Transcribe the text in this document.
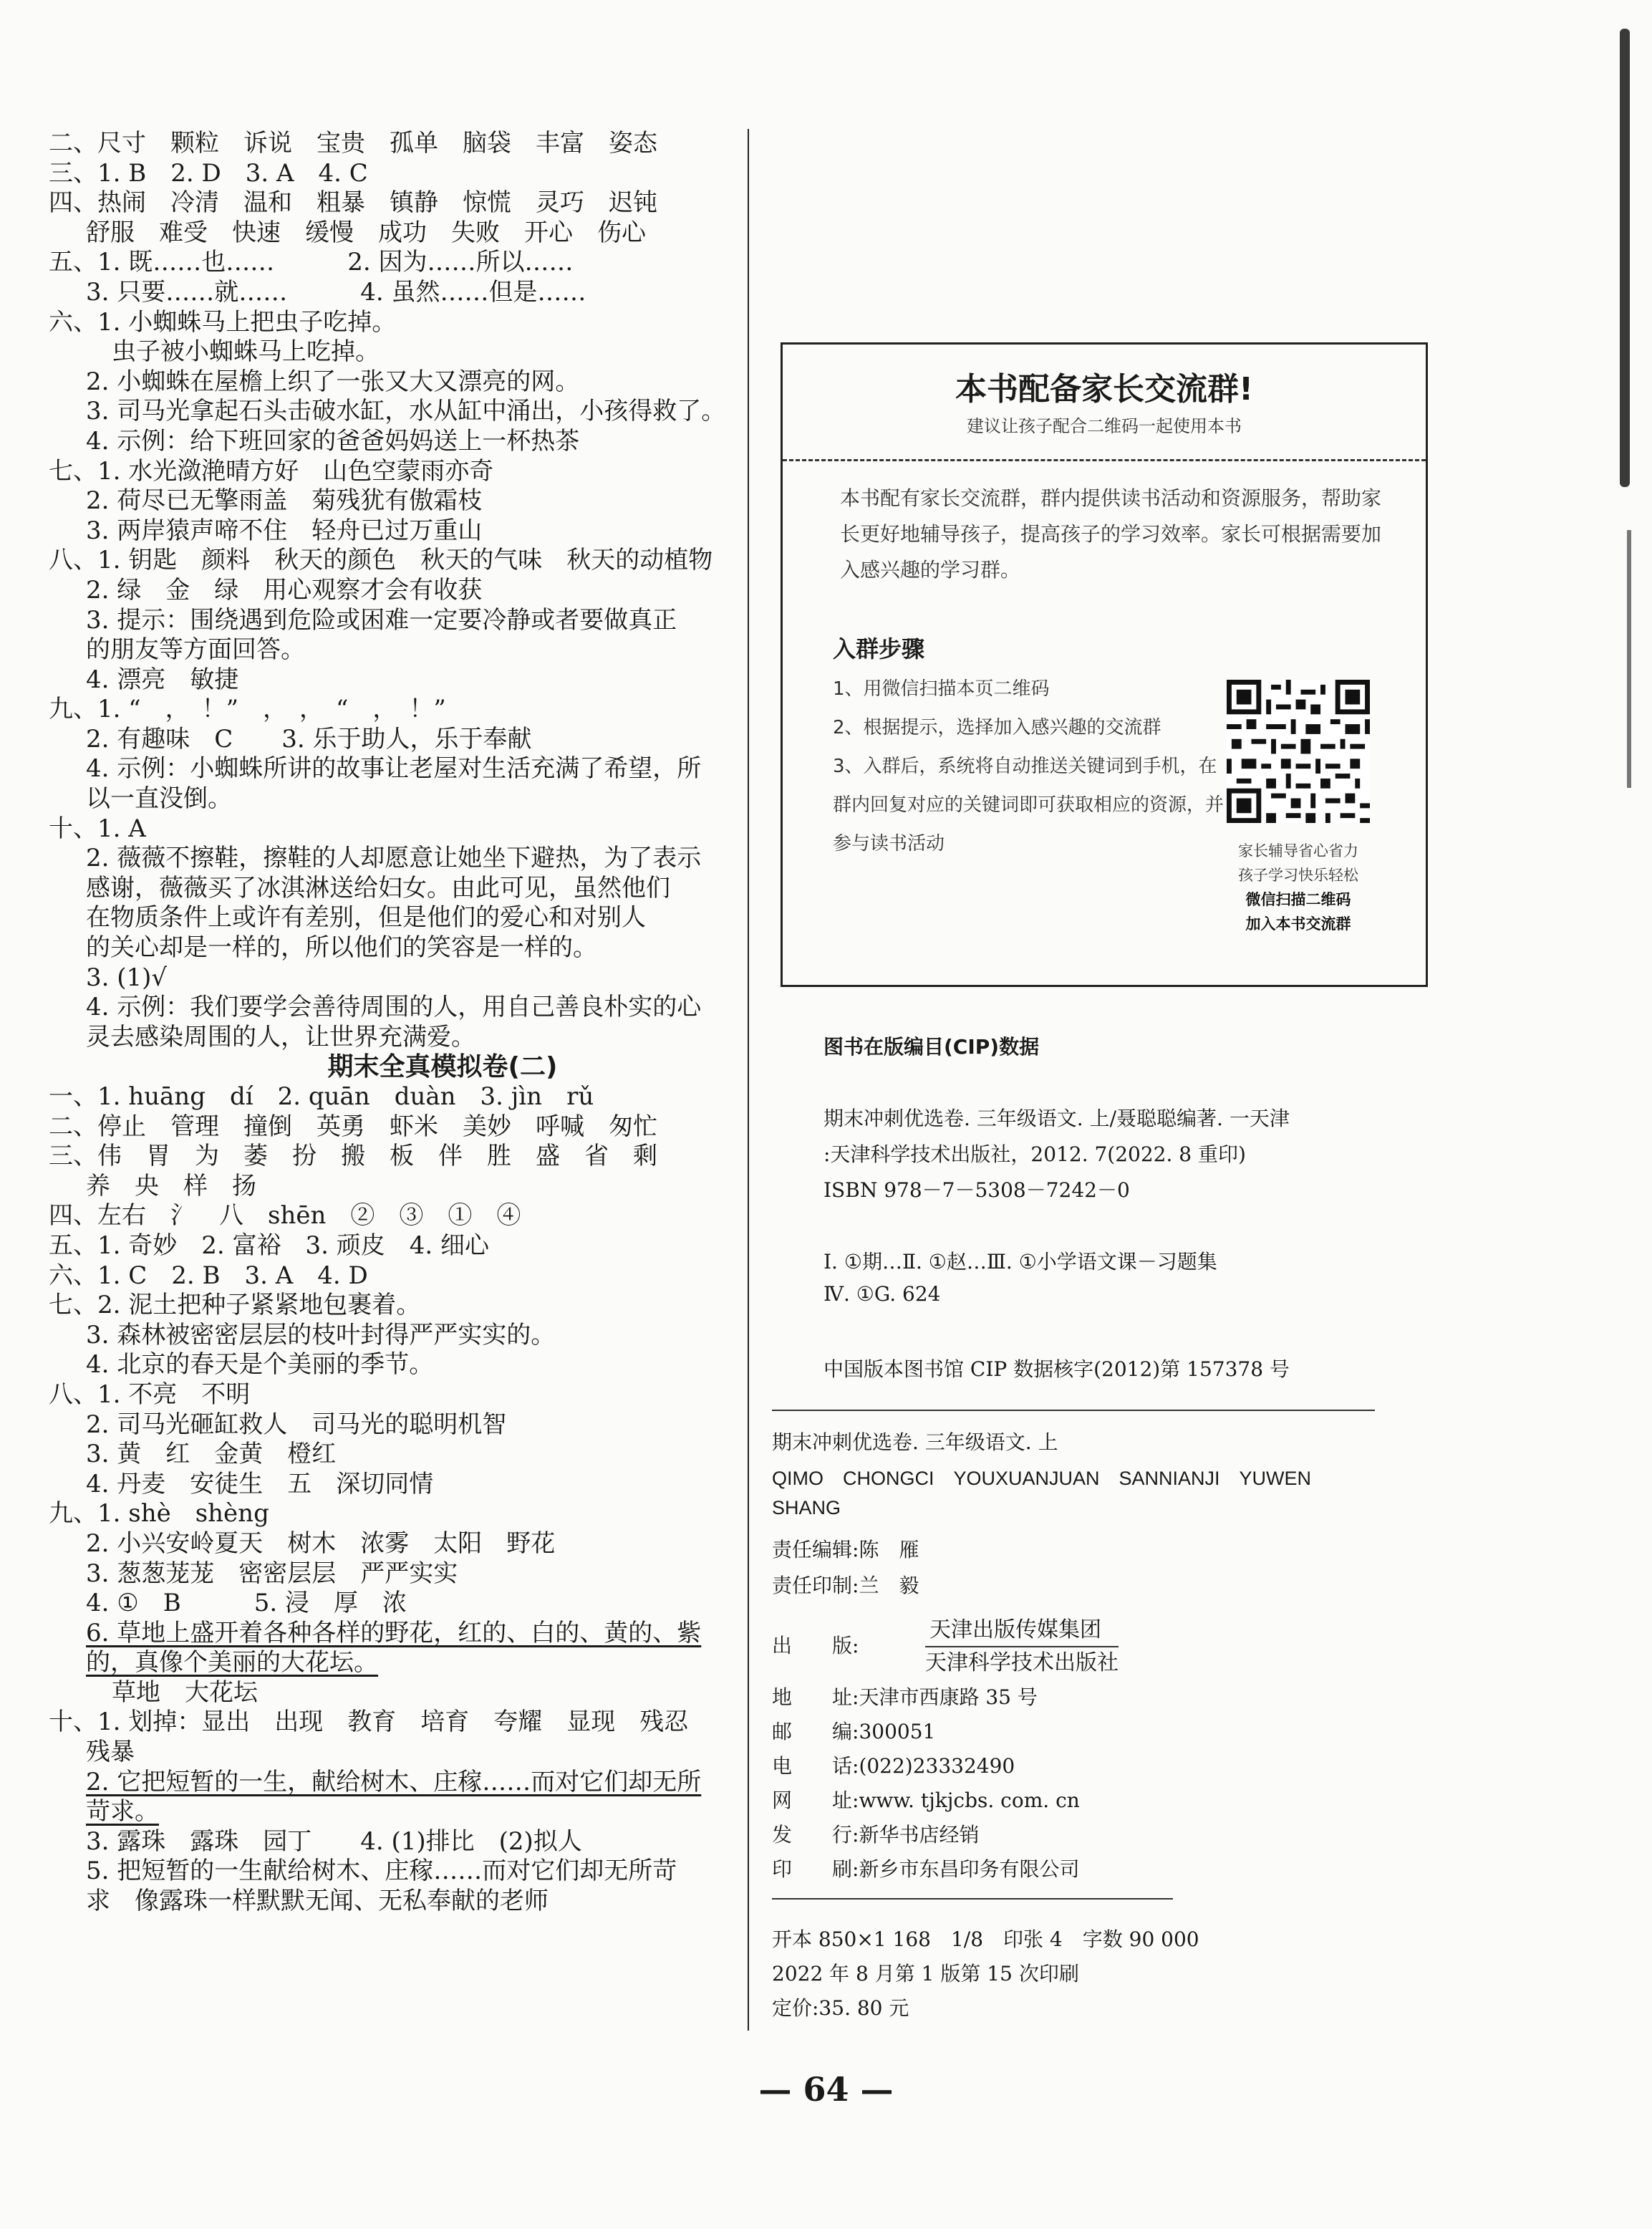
二、尺寸　颗粒　诉说　宝贵　孤单　脑袋　丰富　姿态
三、1. B　2. D　3. A　4. C
四、热闹　冷清　温和　粗暴　镇静　惊慌　灵巧　迟钝
舒服　难受　快速　缓慢　成功　失败　开心　伤心
五、1. 既……也……　　　2. 因为……所以……
3. 只要……就……　　　4. 虽然……但是……
六、1. 小蜘蛛马上把虫子吃掉。
虫子被小蜘蛛马上吃掉。
2. 小蜘蛛在屋檐上织了一张又大又漂亮的网。
3. 司马光拿起石头击破水缸，水从缸中涌出，小孩得救了。
4. 示例：给下班回家的爸爸妈妈送上一杯热茶
七、1. 水光潋滟晴方好　山色空蒙雨亦奇
2. 荷尽已无擎雨盖　菊残犹有傲霜枝
3. 两岸猿声啼不住　轻舟已过万重山
八、1. 钥匙　颜料　秋天的颜色　秋天的气味　秋天的动植物
2. 绿　金　绿　用心观察才会有收获
3. 提示：围绕遇到危险或困难一定要冷静或者要做真正
的朋友等方面回答。
4. 漂亮　敏捷
九、1. “　，　！”　，　，　“　，　！”
2. 有趣味　C　　3. 乐于助人，乐于奉献
4. 示例：小蜘蛛所讲的故事让老屋对生活充满了希望，所
以一直没倒。
十、1. A
2. 薇薇不擦鞋，擦鞋的人却愿意让她坐下避热，为了表示
感谢，薇薇买了冰淇淋送给妇女。由此可见，虽然他们
在物质条件上或许有差别，但是他们的爱心和对别人
的关心却是一样的，所以他们的笑容是一样的。
3. (1)√
4. 示例：我们要学会善待周围的人，用自己善良朴实的心
灵去感染周围的人，让世界充满爱。
期末全真模拟卷(二)
一、1. huāng　dí　2. quān　duàn　3. jìn　rǔ
二、停止　管理　撞倒　英勇　虾米　美妙　呼喊　匆忙
三、伟　胃　为　萎　扮　搬　板　伴　胜　盛　省　剩
养　央　样　扬
四、左右　氵　八　shēn　②　③　①　④
五、1. 奇妙　2. 富裕　3. 顽皮　4. 细心
六、1. C　2. B　3. A　4. D
七、2. 泥土把种子紧紧地包裹着。
3. 森林被密密层层的枝叶封得严严实实的。
4. 北京的春天是个美丽的季节。
八、1. 不亮　不明
2. 司马光砸缸救人　司马光的聪明机智
3. 黄　红　金黄　橙红
4. 丹麦　安徒生　五　深切同情
九、1. shè　shèng
2. 小兴安岭夏天　树木　浓雾　太阳　野花
3. 葱葱茏茏　密密层层　严严实实
4. ①　B　　　5. 浸　厚　浓
6. 草地上盛开着各种各样的野花，红的、白的、黄的、紫
的，真像个美丽的大花坛。
草地　大花坛
十、1. 划掉：显出　出现　教育　培育　夸耀　显现　残忍
残暴
2. 它把短暂的一生，献给树木、庄稼……而对它们却无所
苛求。
3. 露珠　露珠　园丁　　4. (1)排比　(2)拟人
5. 把短暂的一生献给树木、庄稼……而对它们却无所苛
求　像露珠一样默默无闻、无私奉献的老师
本书配备家长交流群!
建议让孩子配合二维码一起使用本书
本书配有家长交流群，群内提供读书活动和资源服务，帮助家长更好地辅导孩子，提高孩子的学习效率。家长可根据需要加入感兴趣的学习群。
入群步骤
1、用微信扫描本页二维码
2、根据提示，选择加入感兴趣的交流群
3、入群后，系统将自动推送关键词到手机，在群内回复对应的关键词即可获取相应的资源，并参与读书活动	家长辅导省心省力
孩子学习快乐轻松
微信扫描二维码
加入本书交流群
图书在版编目(CIP)数据
期末冲刺优选卷. 三年级语文. 上/聂聪聪编著. 一天津
:天津科学技术出版社，2012. 7(2022. 8 重印)
ISBN 978－7－5308－7242－0
Ⅰ. ①期…Ⅱ. ①赵…Ⅲ. ①小学语文课－习题集
Ⅳ. ①G. 624
中国版本图书馆 CIP 数据核字(2012)第 157378 号
期末冲刺优选卷. 三年级语文. 上
QIMO　CHONGCI　YOUXUANJUAN　SANNIANJI　YUWEN
SHANG
责任编辑:陈　雁
责任印制:兰　毅
出　　版:
天津出版传媒集团
天津科学技术出版社
地　　址:天津市西康路 35 号
邮　　编:300051
电　　话:(022)23332490
网　　址:www. tjkjcbs. com. cn
发　　行:新华书店经销
印　　刷:新乡市东昌印务有限公司
开本 850×1 168　1/8　印张 4　字数 90 000
2022 年 8 月第 1 版第 15 次印刷
定价:35. 80 元
— 64 —
